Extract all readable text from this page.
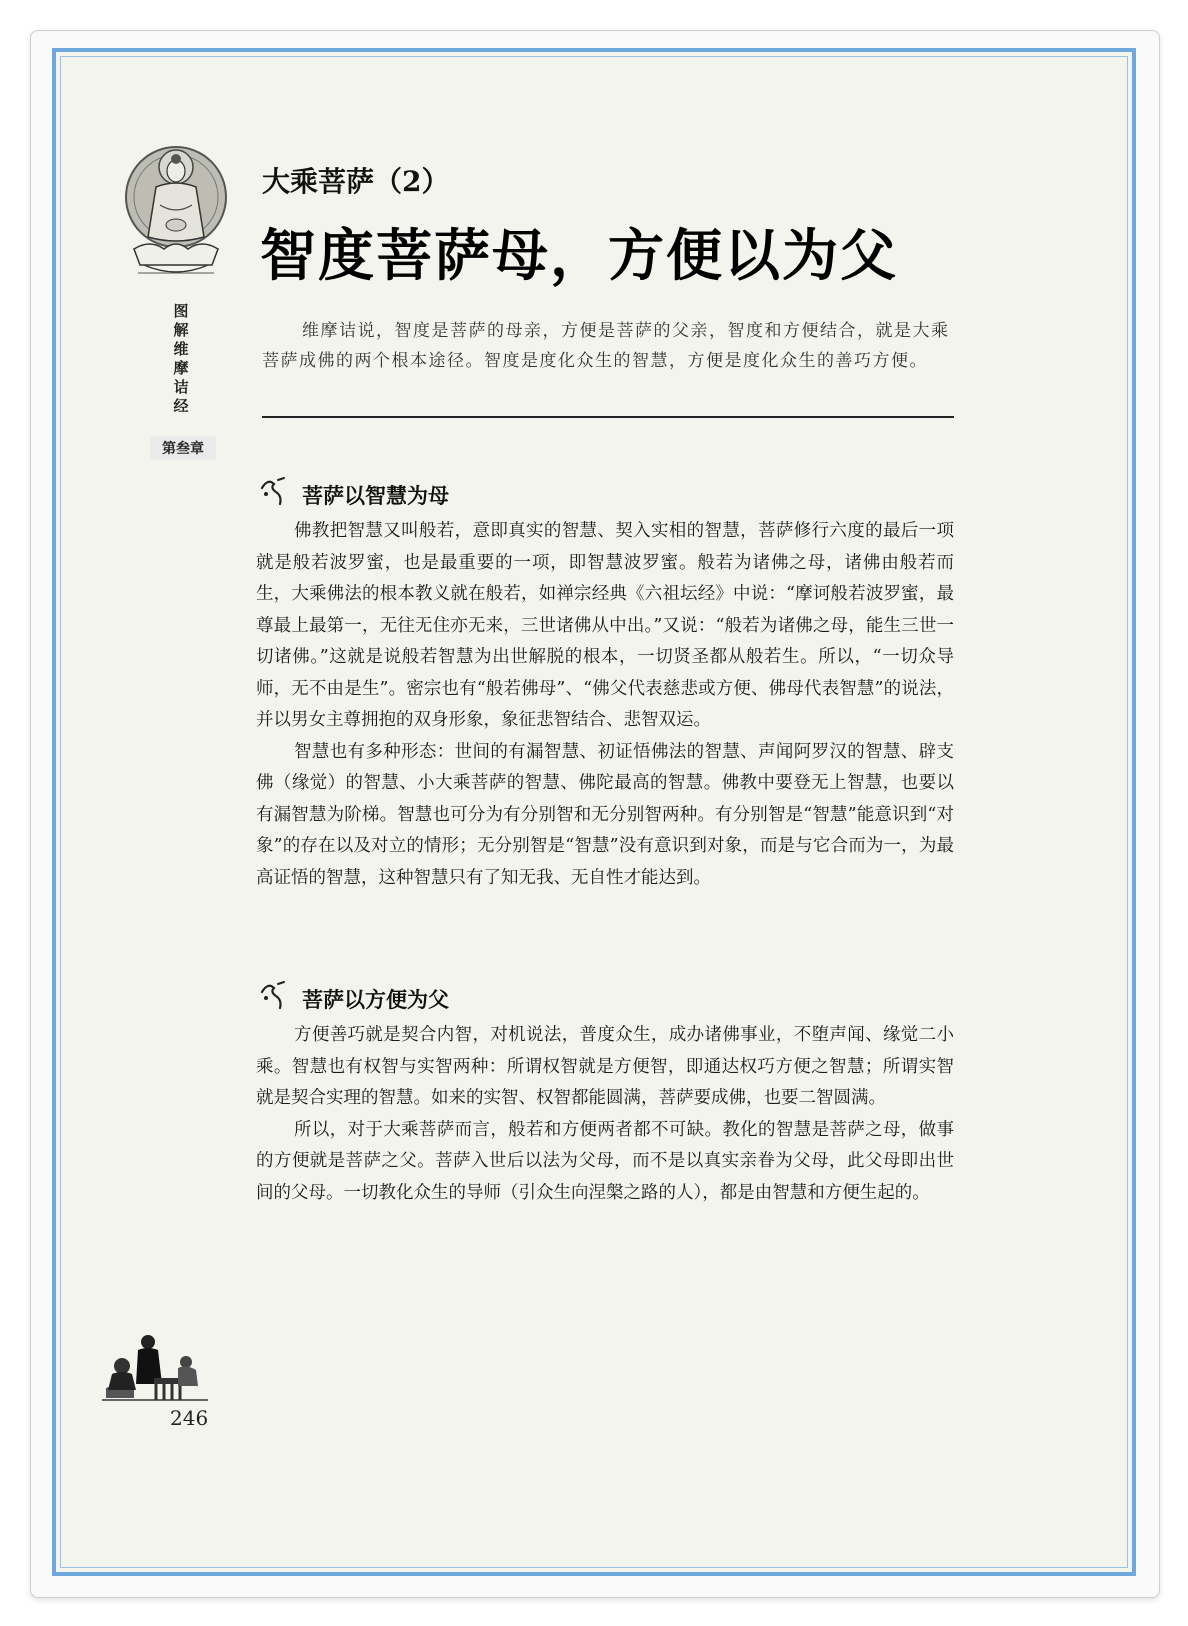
图解维摩诘经
第叁章
大乘菩萨（2）
智度菩萨母，方便以为父
维摩诘说，智度是菩萨的母亲，方便是菩萨的父亲，智度和方便结合，就是大乘菩萨成佛的两个根本途径。智度是度化众生的智慧，方便是度化众生的善巧方便。
菩萨以智慧为母

佛教把智慧又叫般若，意即真实的智慧、契入实相的智慧，菩萨修行六度的最后一项就是般若波罗蜜，也是最重要的一项，即智慧波罗蜜。般若为诸佛之母，诸佛由般若而生，大乘佛法的根本教义就在般若，如禅宗经典《六祖坛经》中说：“摩诃般若波罗蜜，最尊最上最第一，无往无住亦无来，三世诸佛从中出。”又说：“般若为诸佛之母，能生三世一切诸佛。”这就是说般若智慧为出世解脱的根本，一切贤圣都从般若生。所以，“一切众导师，无不由是生”。密宗也有“般若佛母”、“佛父代表慈悲或方便、佛母代表智慧”的说法，并以男女主尊拥抱的双身形象，象征悲智结合、悲智双运。

智慧也有多种形态：世间的有漏智慧、初证悟佛法的智慧、声闻阿罗汉的智慧、辟支佛（缘觉）的智慧、小大乘菩萨的智慧、佛陀最高的智慧。佛教中要登无上智慧，也要以有漏智慧为阶梯。智慧也可分为有分别智和无分别智两种。有分别智是“智慧”能意识到“对象”的存在以及对立的情形；无分别智是“智慧”没有意识到对象，而是与它合而为一，为最高证悟的智慧，这种智慧只有了知无我、无自性才能达到。

菩萨以方便为父

方便善巧就是契合内智，对机说法，普度众生，成办诸佛事业，不堕声闻、缘觉二小乘。智慧也有权智与实智两种：所谓权智就是方便智，即通达权巧方便之智慧；所谓实智就是契合实理的智慧。如来的实智、权智都能圆满，菩萨要成佛，也要二智圆满。

所以，对于大乘菩萨而言，般若和方便两者都不可缺。教化的智慧是菩萨之母，做事的方便就是菩萨之父。菩萨入世后以法为父母，而不是以真实亲眷为父母，此父母即出世间的父母。一切教化众生的导师（引众生向涅槃之路的人），都是由智慧和方便生起的。

246
